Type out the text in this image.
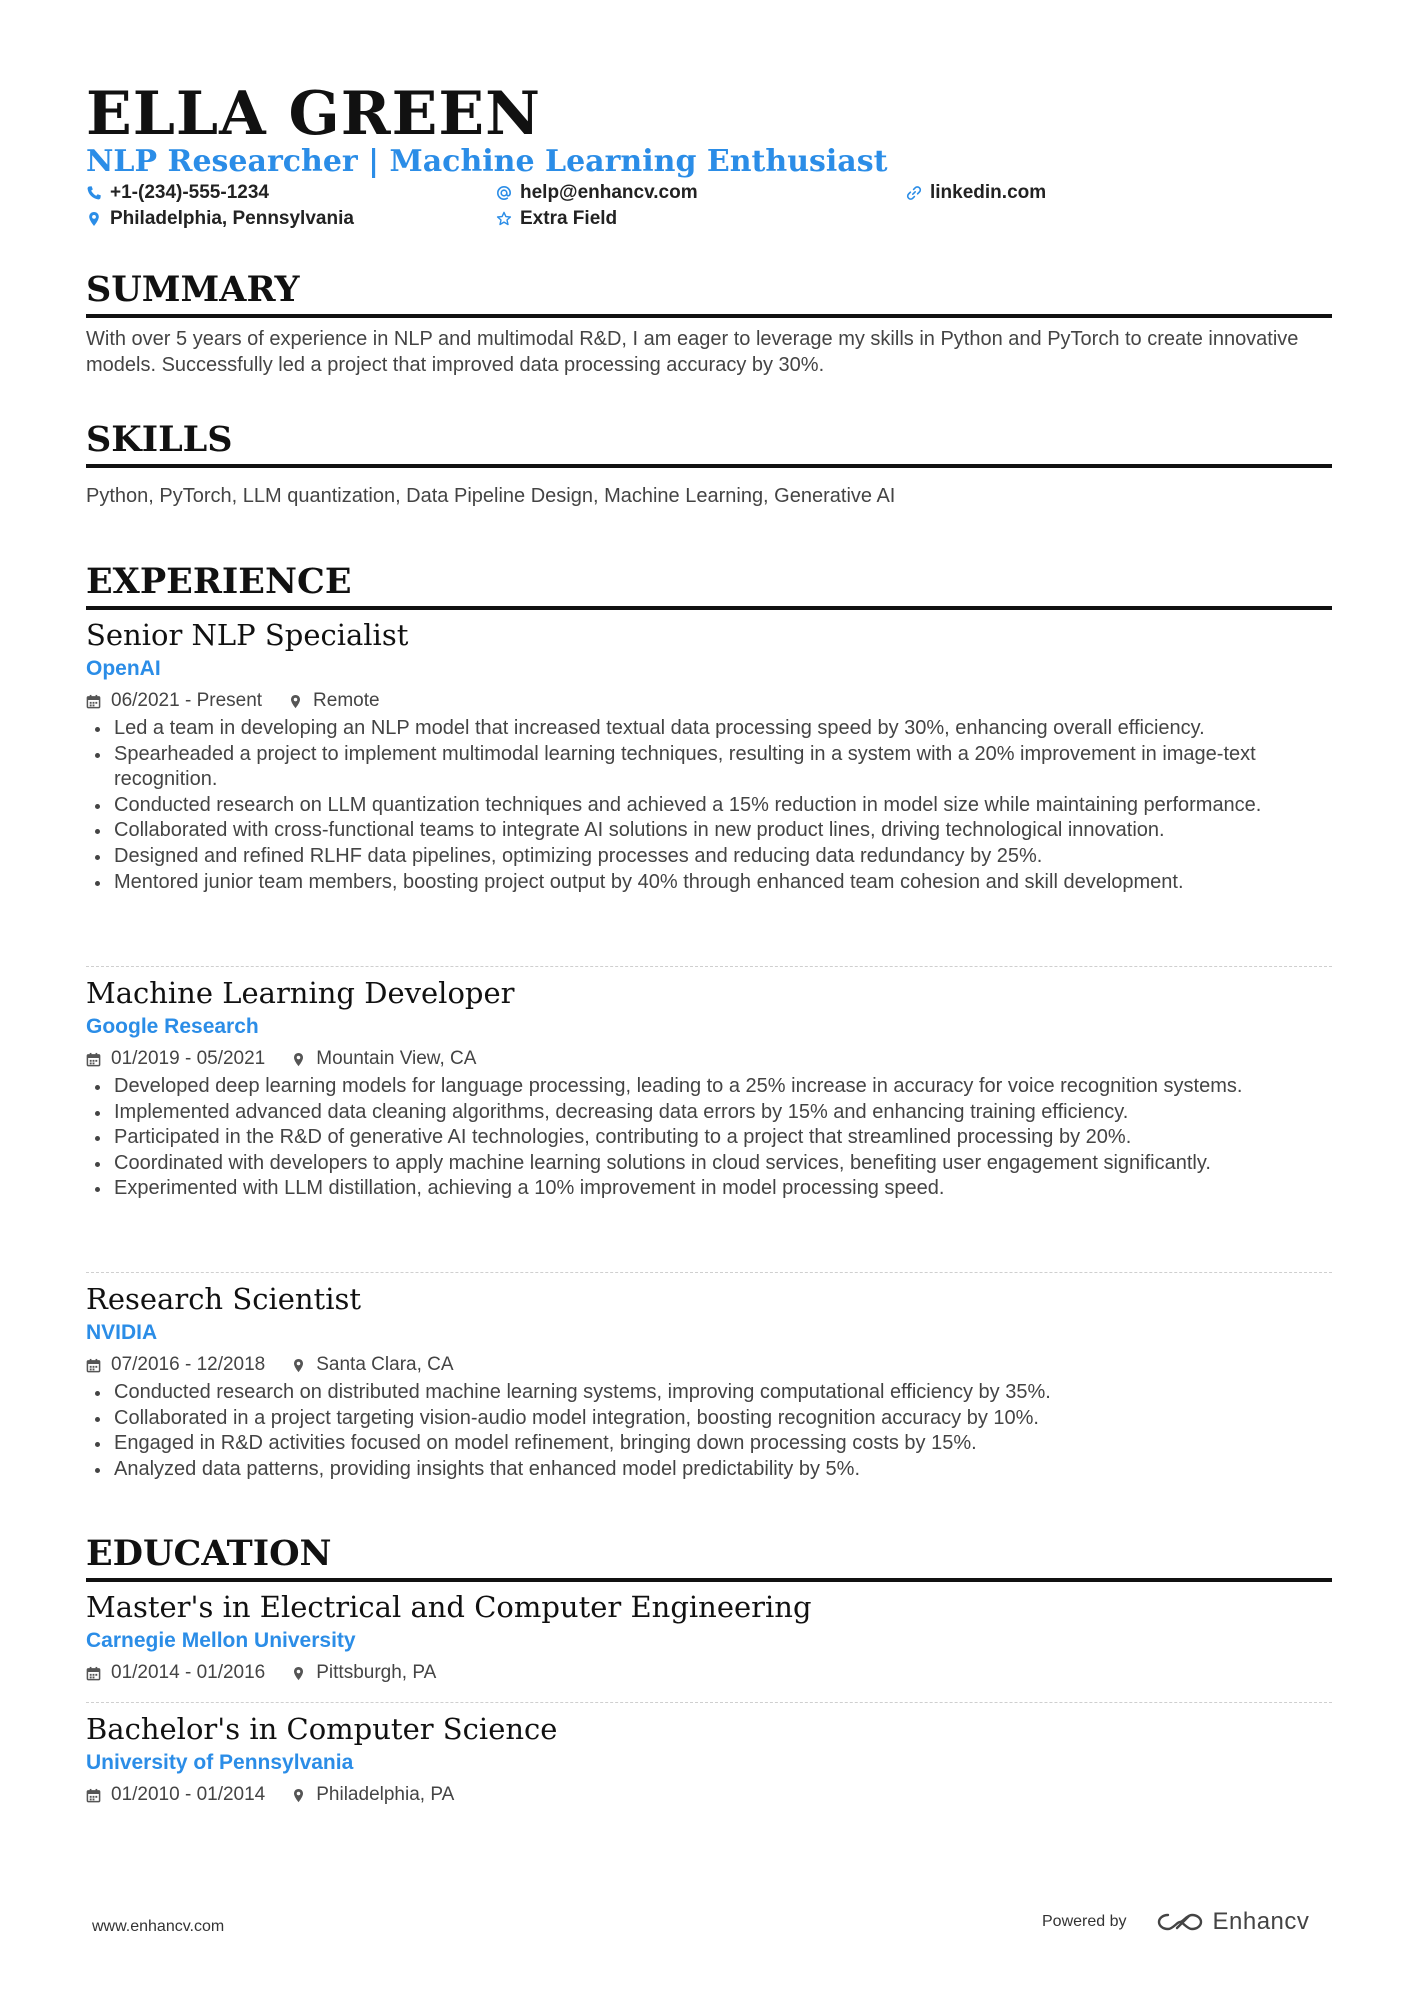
ELLA GREEN
NLP Researcher | Machine Learning Enthusiast
+1-(234)-555-1234	help@enhancv.com	linkedin.com
Philadelphia, Pennsylvania	Extra Field
SUMMARY
With over 5 years of experience in NLP and multimodal R&D, I am eager to leverage my skills in Python and PyTorch to create innovative models. Successfully led a project that improved data processing accuracy by 30%.
SKILLS
Python, PyTorch, LLM quantization, Data Pipeline Design, Machine Learning, Generative AI
EXPERIENCE
Senior NLP Specialist
OpenAI
06/2021 - Present	Remote
Led a team in developing an NLP model that increased textual data processing speed by 30%, enhancing overall efficiency.
Spearheaded a project to implement multimodal learning techniques, resulting in a system with a 20% improvement in image-text recognition.
Conducted research on LLM quantization techniques and achieved a 15% reduction in model size while maintaining performance.
Collaborated with cross-functional teams to integrate AI solutions in new product lines, driving technological innovation.
Designed and refined RLHF data pipelines, optimizing processes and reducing data redundancy by 25%.
Mentored junior team members, boosting project output by 40% through enhanced team cohesion and skill development.
Machine Learning Developer
Google Research
01/2019 - 05/2021	Mountain View, CA
Developed deep learning models for language processing, leading to a 25% increase in accuracy for voice recognition systems.
Implemented advanced data cleaning algorithms, decreasing data errors by 15% and enhancing training efficiency.
Participated in the R&D of generative AI technologies, contributing to a project that streamlined processing by 20%.
Coordinated with developers to apply machine learning solutions in cloud services, benefiting user engagement significantly.
Experimented with LLM distillation, achieving a 10% improvement in model processing speed.
Research Scientist
NVIDIA
07/2016 - 12/2018	Santa Clara, CA
Conducted research on distributed machine learning systems, improving computational efficiency by 35%.
Collaborated in a project targeting vision-audio model integration, boosting recognition accuracy by 10%.
Engaged in R&D activities focused on model refinement, bringing down processing costs by 15%.
Analyzed data patterns, providing insights that enhanced model predictability by 5%.
EDUCATION
Master's in Electrical and Computer Engineering
Carnegie Mellon University
01/2014 - 01/2016	Pittsburgh, PA
Bachelor's in Computer Science
University of Pennsylvania
01/2010 - 01/2014	Philadelphia, PA
www.enhancv.com	Powered by	Enhancv
